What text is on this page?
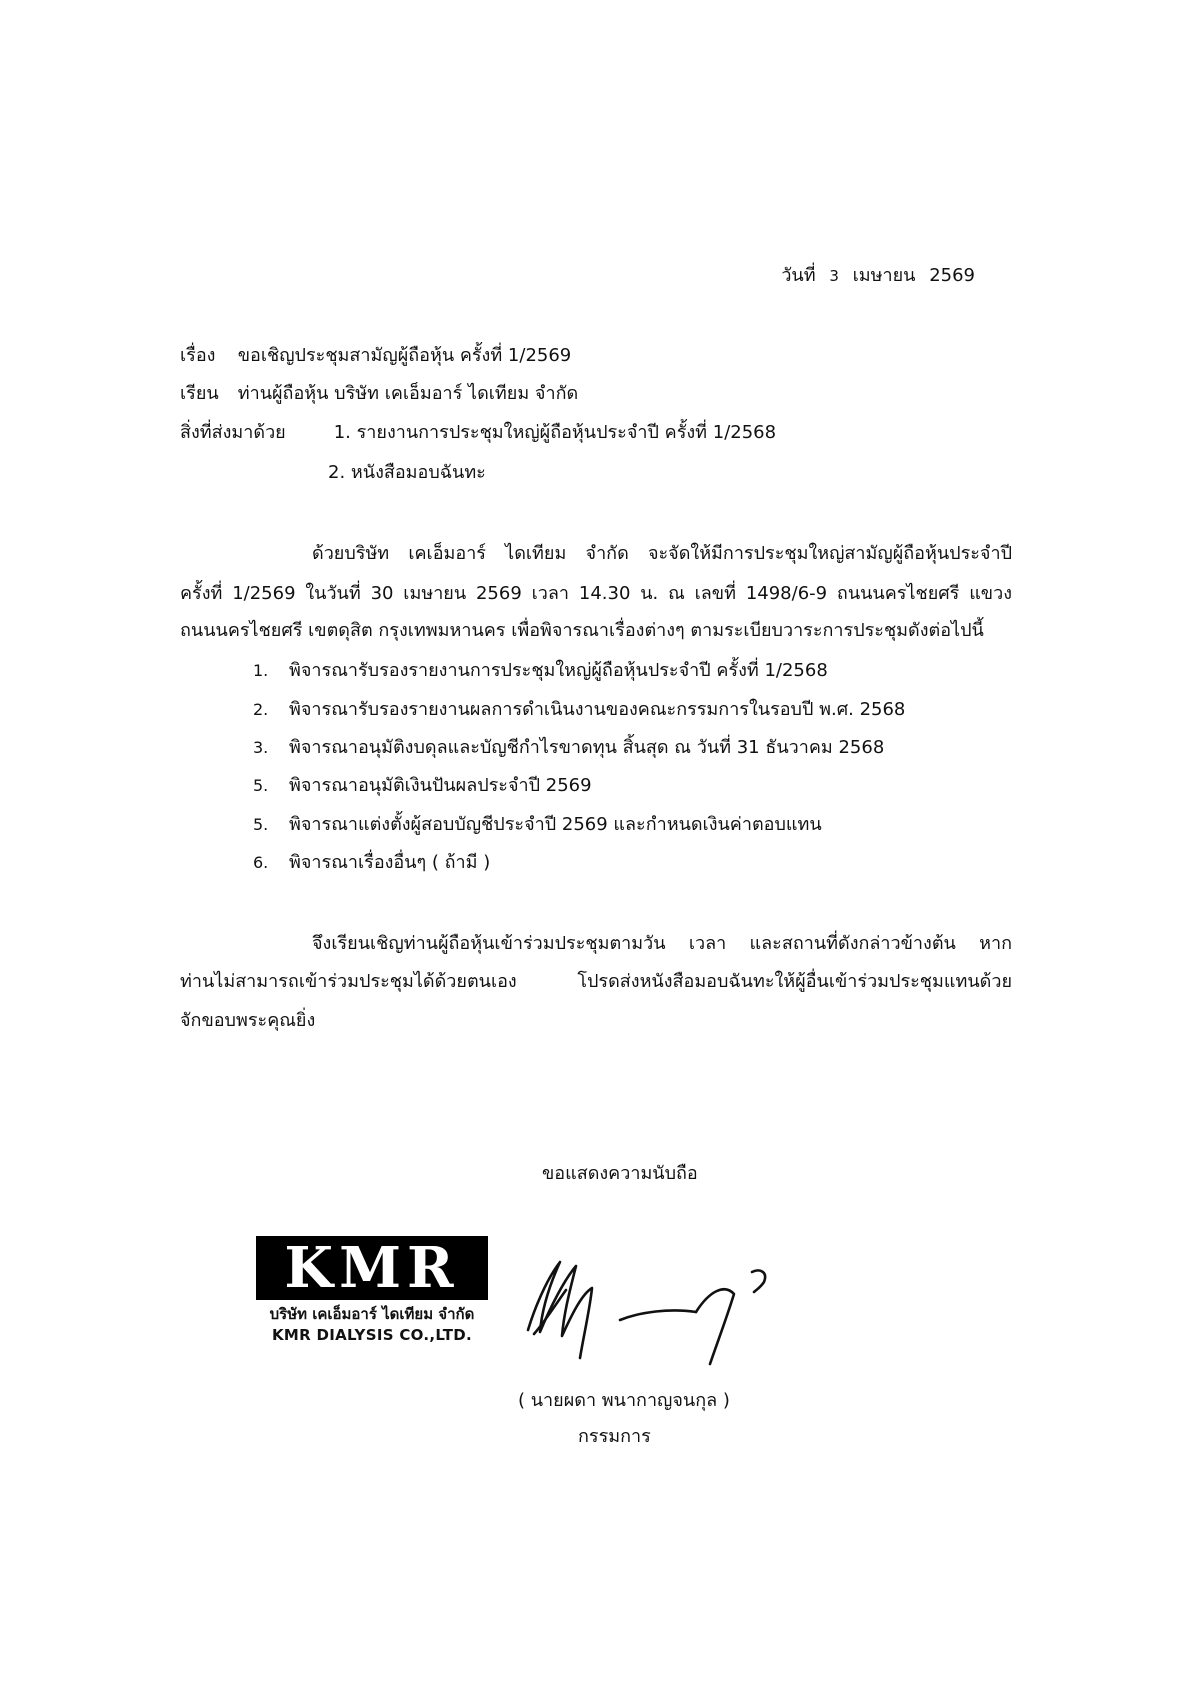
วันที่ 3 เมษายน 2569
เรื่อง ขอเชิญประชุมสามัญผู้ถือหุ้น ครั้งที่ 1/2569
เรียน ท่านผู้ถือหุ้น บริษัท เคเอ็มอาร์ ไดเทียม จำกัด
สิ่งที่ส่งมาด้วย	1. รายงานการประชุมใหญ่ผู้ถือหุ้นประจำปี ครั้งที่ 1/2568
2. หนังสือมอบฉันทะ
ด้วยบริษัท เคเอ็มอาร์ ไดเทียม จำกัด จะจัดให้มีการประชุมใหญ่สามัญผู้ถือหุ้นประจำปี
ครั้งที่ 1/2569 ในวันที่ 30 เมษายน 2569 เวลา 14.30 น. ณ เลขที่ 1498/6-9 ถนนนครไชยศรี แขวง
ถนนนครไชยศรี เขตดุสิต กรุงเทพมหานคร เพื่อพิจารณาเรื่องต่างๆ ตามระเบียบวาระการประชุมดังต่อไปนี้
1. พิจารณารับรองรายงานการประชุมใหญ่ผู้ถือหุ้นประจำปี ครั้งที่ 1/2568
2. พิจารณารับรองรายงานผลการดำเนินงานของคณะกรรมการในรอบปี พ.ศ. 2568
3. พิจารณาอนุมัติงบดุลและบัญชีกำไรขาดทุน สิ้นสุด ณ วันที่ 31 ธันวาคม 2568
5. พิจารณาอนุมัติเงินปันผลประจำปี 2569
5. พิจารณาแต่งตั้งผู้สอบบัญชีประจำปี 2569 และกำหนดเงินค่าตอบแทน
6. พิจารณาเรื่องอื่นๆ ( ถ้ามี )
จึงเรียนเชิญท่านผู้ถือหุ้นเข้าร่วมประชุมตามวัน เวลา และสถานที่ดังกล่าวข้างต้น หาก
ท่านไม่สามารถเข้าร่วมประชุมได้ด้วยตนเอง โปรดส่งหนังสือมอบฉันทะให้ผู้อื่นเข้าร่วมประชุมแทนด้วย
จักขอบพระคุณยิ่ง
ขอแสดงความนับถือ
KMR
บริษัท เคเอ็มอาร์ ไดเทียม จำกัด
KMR DIALYSIS CO.,LTD.
( นายผดา พนากาญจนกุล )
กรรมการ
